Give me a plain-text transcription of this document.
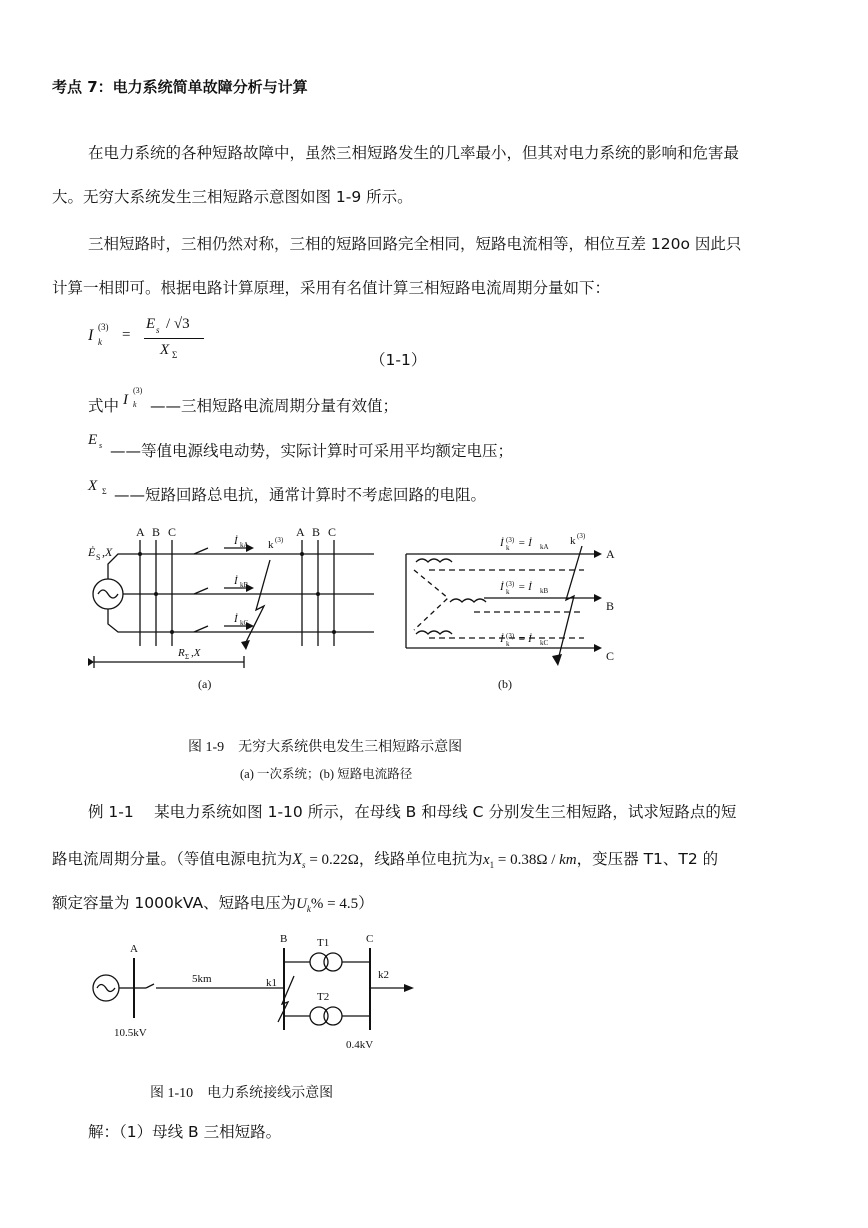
考点 7：电力系统简单故障分析与计算
在电力系统的各种短路故障中，虽然三相短路发生的几率最小，但其对电力系统的影响和危害最
大。无穷大系统发生三相短路示意图如图 1-9 所示。
三相短路时，三相仍然对称，三相的短路回路完全相同，短路电流相等，相位互差 120o 因此只
计算一相即可。根据电路计算原理，采用有名值计算三相短路电流周期分量如下：
I (3)
k =
E s / √3
X Σ	（1-1）
式中 I
(3)
k ——三相短路电流周期分量有效值；
E s ——等值电源线电动势，实际计算时可采用平均额定电压；
X Σ ——短路回路总电抗，通常计算时不考虑回路的电阻。
A B C	A B C
Ė S ,X	k (3)
İ kA
İ kB
İ kC
R Σ ,X
(a)
A
B
C
k (3)
İ (3)
k = İ kA
İ (3)
k = İ kB
İ (3)
k = İ kC
(b)
图 1-9　无穷大系统供电发生三相短路示意图
(a) 一次系统；(b) 短路电流路径
例 1-1　 某电力系统如图 1-10 所示，在母线 B 和母线 C 分别发生三相短路，试求短路点的短
路电流周期分量。（等值电源电抗为$X_s = 0.22\Omega$，线路单位电抗为$x_1 = 0.38\Omega$ / km，变压器 T1、T2 的
额定容量为 1000kVA、短路电压为$U_k\% = 4.5$）
A
B	C
T1
T2
5km	k1
k2
10.5kV
0.4kV
图 1-10　电力系统接线示意图
解：（1）母线 B 三相短路。
